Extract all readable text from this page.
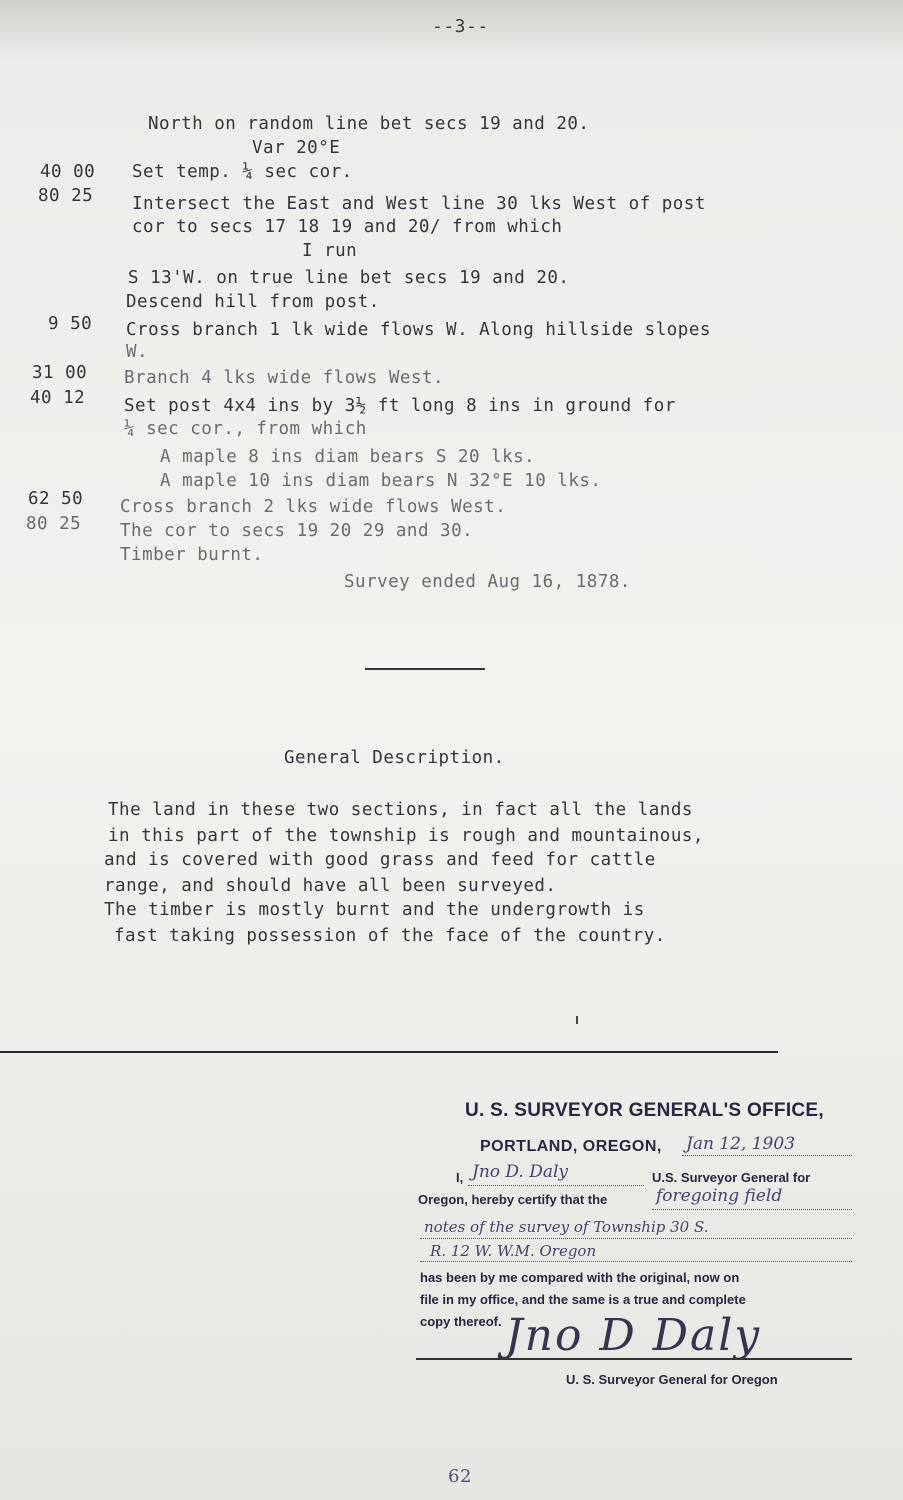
--3--
North on random line bet secs 19 and 20.
Var 20°E
40 00 Set temp. ¼ sec cor.
80 25 Intersect the East and West line 30 lks West of post
cor to secs 17 18 19 and 20/ from which
I run
S 13'W. on true line bet secs 19 and 20.
Descend hill from post.
9 50 Cross branch 1 lk wide flows W. Along hillside slopes
W.
31 00 Branch 4 lks wide flows West.
40 12 Set post 4x4 ins by 3½ ft long 8 ins in ground for
¼ sec cor., from which
A maple 8 ins diam bears S 20 lks.
A maple 10 ins diam bears N 32°E 10 lks.
62 50 Cross branch 2 lks wide flows West.
80 25 The cor to secs 19 20 29 and 30.
Timber burnt.
Survey ended Aug 16, 1878.
General Description.
The land in these two sections, in fact all the lands
in this part of the township is rough and mountainous,
and is covered with good grass and feed for cattle
range, and should have all been surveyed.
The timber is mostly burnt and the undergrowth is
fast taking possession of the face of the country.
U. S. SURVEYOR GENERAL'S OFFICE,
PORTLAND, OREGON, Jan 12, 1903
I, Jno D. Daly	U.S. Surveyor General for
Oregon, hereby certify that the	foregoing field
notes of the survey of Township 30 S.
R. 12 W. W.M. Oregon
has been by me compared with the original, now on
file in my office, and the same is a true and complete
copy thereof. Jno D Daly
U. S. Surveyor General for Oregon
62
